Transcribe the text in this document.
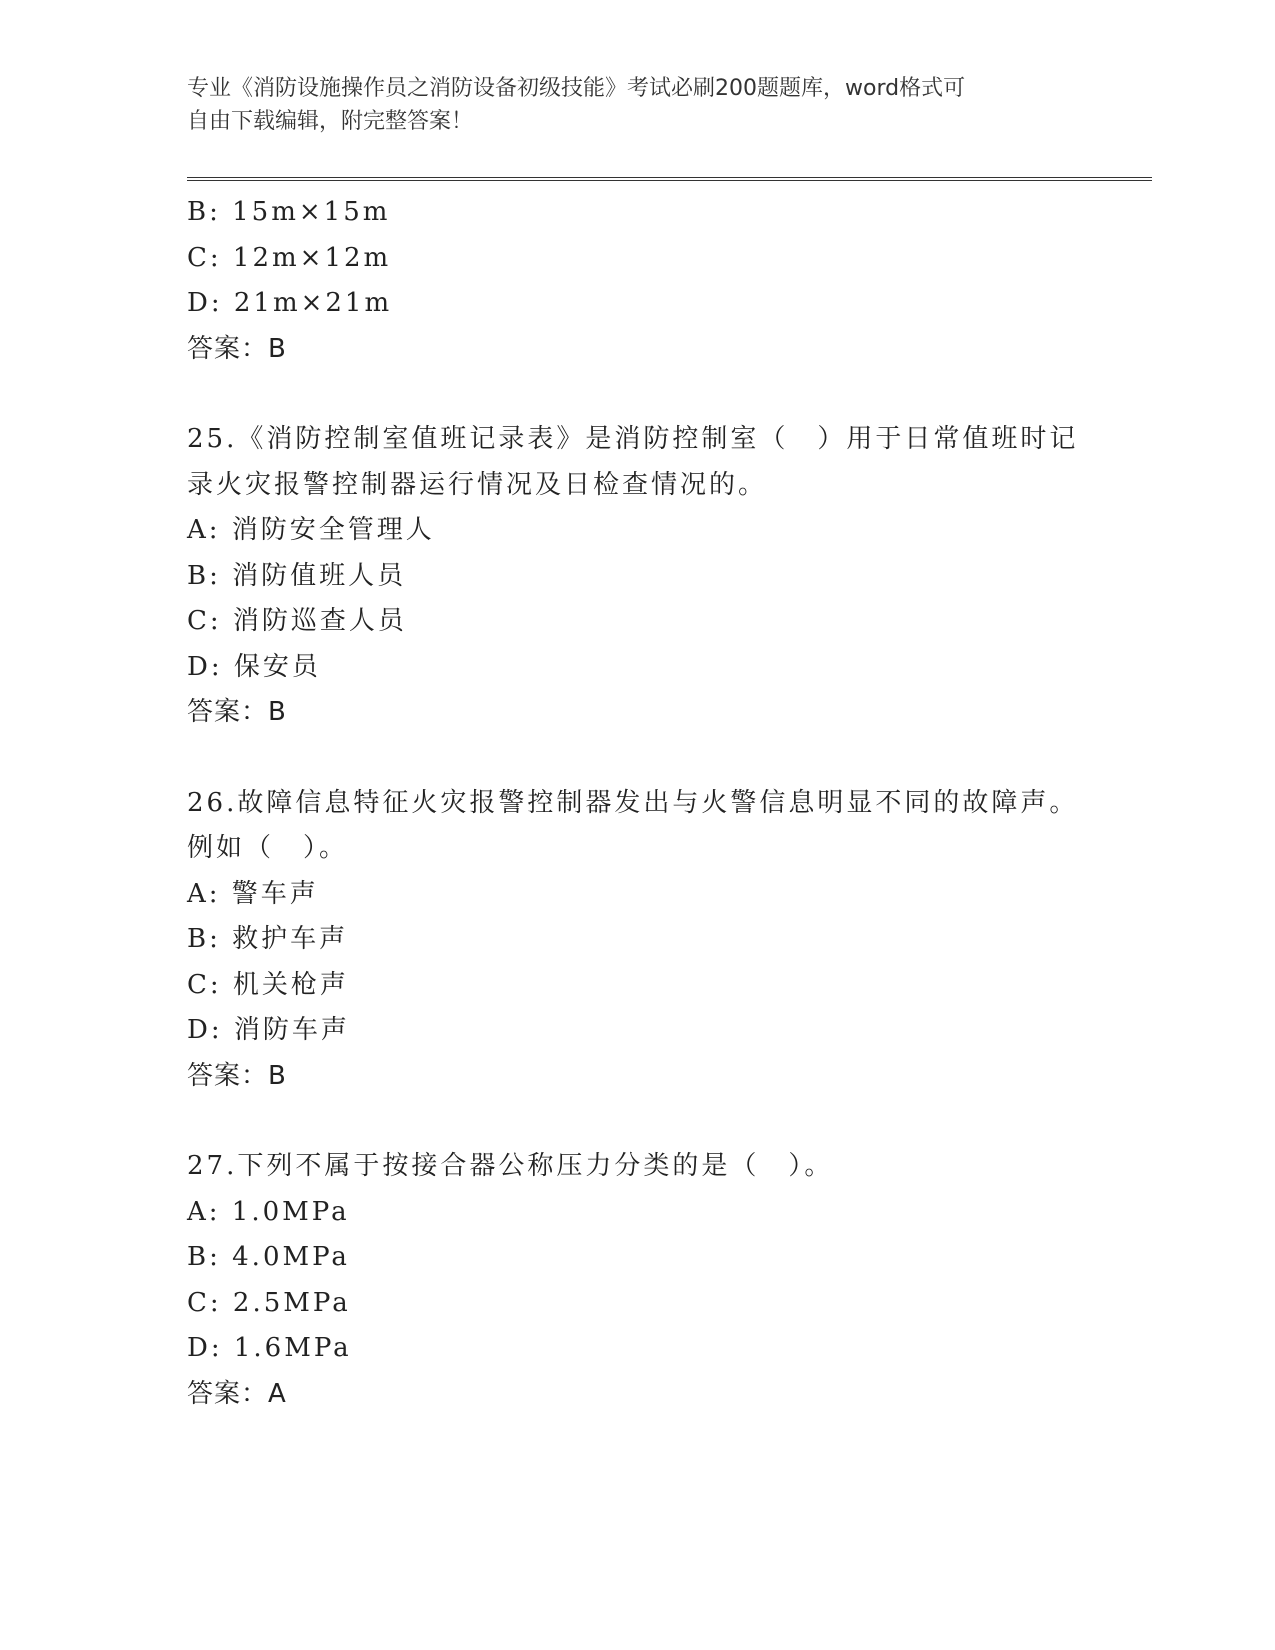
专业《消防设施操作员之消防设备初级技能》考试必刷200题题库，word格式可
自由下载编辑，附完整答案！
B: 15m×15m
C: 12m×12m
D: 21m×21m
答案：B
25.《消防控制室值班记录表》是消防控制室（　）用于日常值班时记
录火灾报警控制器运行情况及日检查情况的。
A: 消防安全管理人
B: 消防值班人员
C: 消防巡查人员
D: 保安员
答案：B
26.故障信息特征火灾报警控制器发出与火警信息明显不同的故障声。
例如（　）。
A: 警车声
B: 救护车声
C: 机关枪声
D: 消防车声
答案：B
27.下列不属于按接合器公称压力分类的是（　）。
A: 1.0MPa
B: 4.0MPa
C: 2.5MPa
D: 1.6MPa
答案：A
